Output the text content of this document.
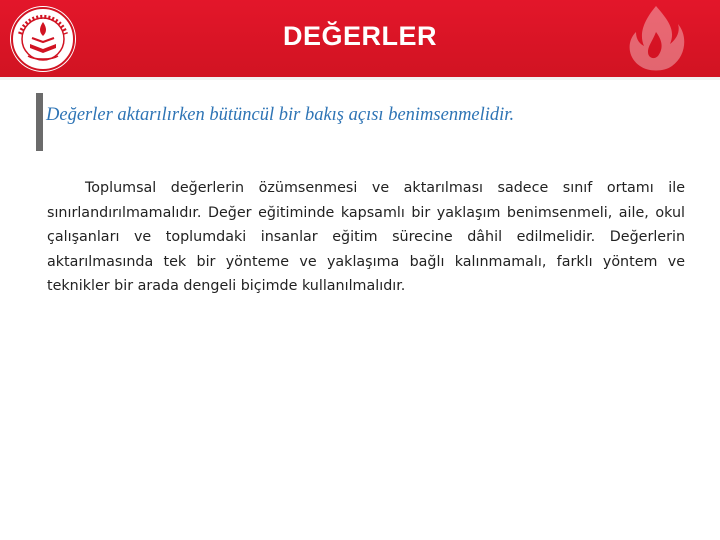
DEĞERLER
Değerler aktarılırken bütüncül bir bakış açısı benimsenmelidir.
Toplumsal değerlerin özümsenmesi ve aktarılması sadece sınıf ortamı ile sınırlandırılmamalıdır. Değer eğitiminde kapsamlı bir yaklaşım benimsenmeli, aile, okul çalışanları ve toplumdaki insanlar eğitim sürecine dâhil edilmelidir. Değerlerin aktarılmasında tek bir yönteme ve yaklaşıma bağlı kalınmamalı, farklı yöntem ve teknikler bir arada dengeli biçimde kullanılmalıdır.
